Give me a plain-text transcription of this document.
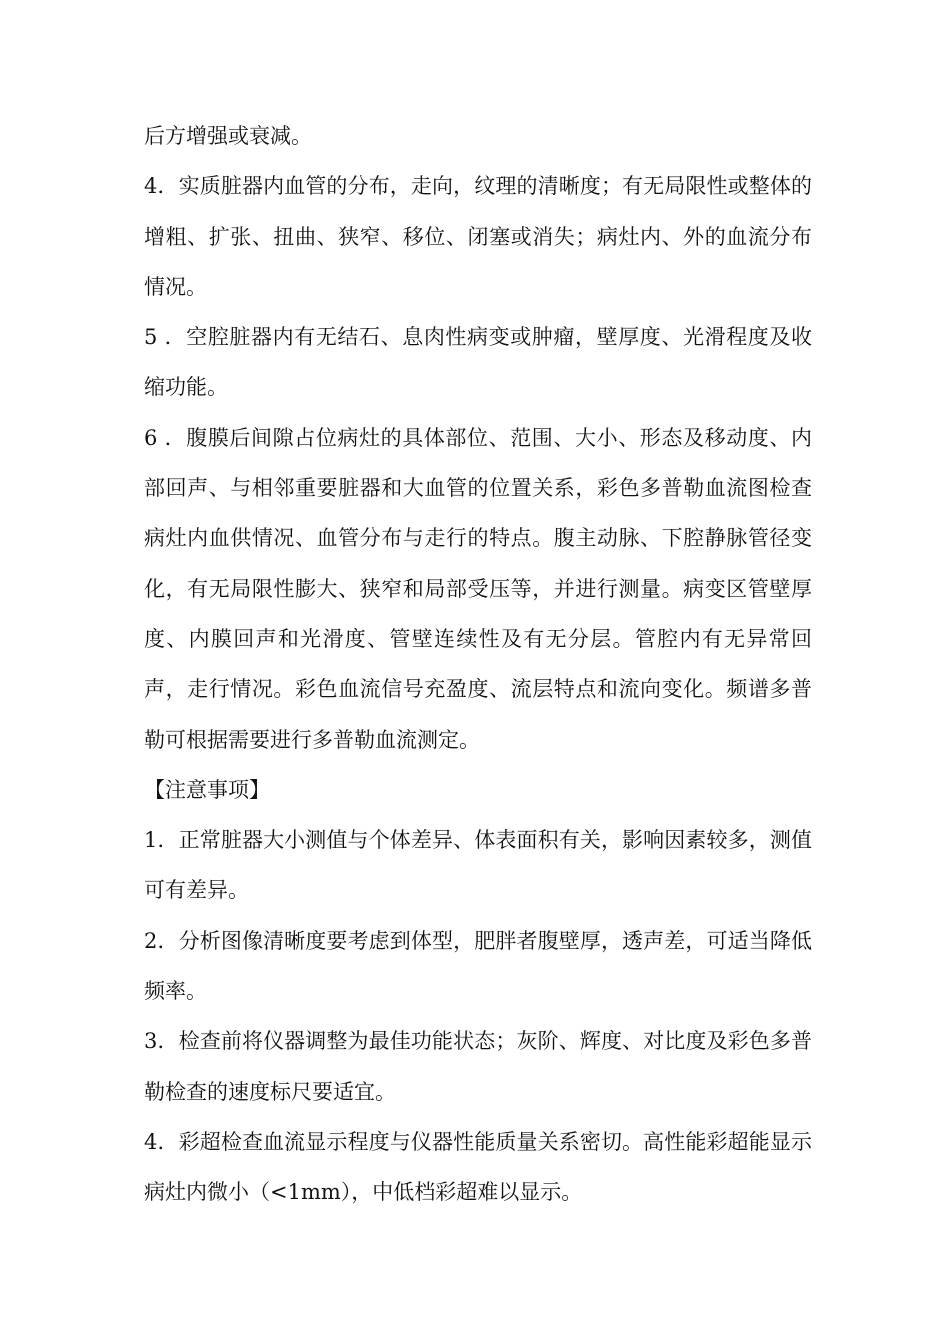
后方增强或衰减。

4．实质脏器内血管的分布，走向，纹理的清晰度；有无局限性或整体的增粗、扩张、扭曲、狭窄、移位、闭塞或消失；病灶内、外的血流分布情况。

5 ．空腔脏器内有无结石、息肉性病变或肿瘤，壁厚度、光滑程度及收缩功能。

6 ．腹膜后间隙占位病灶的具体部位、范围、大小、形态及移动度、内部回声、与相邻重要脏器和大血管的位置关系，彩色多普勒血流图检查病灶内血供情况、血管分布与走行的特点。腹主动脉、下腔静脉管径变化，有无局限性膨大、狭窄和局部受压等，并进行测量。病变区管壁厚度、内膜回声和光滑度、管壁连续性及有无分层。管腔内有无异常回声，走行情况。彩色血流信号充盈度、流层特点和流向变化。频谱多普勒可根据需要进行多普勒血流测定。

【注意事项】

1．正常脏器大小测值与个体差异、体表面积有关，影响因素较多，测值可有差异。

2．分析图像清晰度要考虑到体型，肥胖者腹壁厚，透声差，可适当降低频率。

3．检查前将仪器调整为最佳功能状态；灰阶、辉度、对比度及彩色多普勒检查的速度标尺要适宜。

4．彩超检查血流显示程度与仪器性能质量关系密切。高性能彩超能显示病灶内微小（<1mm），中低档彩超难以显示。
